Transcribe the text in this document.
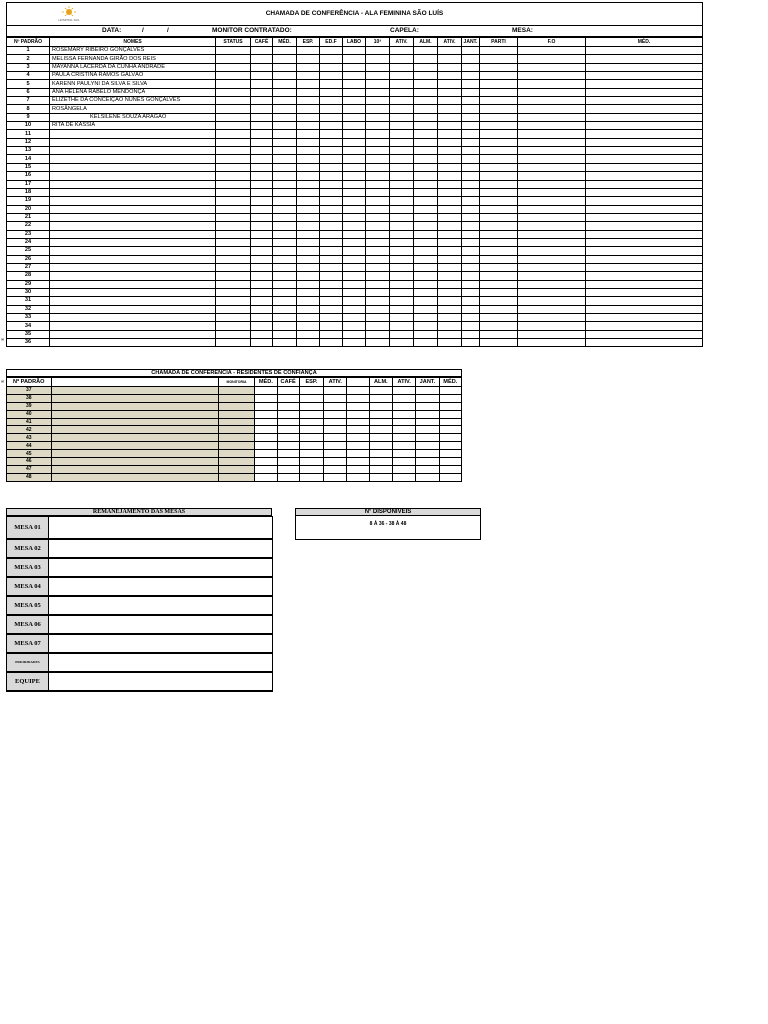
HOSPITAL SOL
CHAMADA DE CONFERÊNCIA - ALA FEMININA SÃO LUÍS
DATA:	/	/	MONITOR CONTRATADO:	CAPELA:	MESA:
Nº PADRÃO	NOMES	STATUS	CAFÉ	MÉD.	ESP.	ED.F	LABO	10ª	ATIV.	ALM.	ATIV.	JANT.	PARTI	F.O	MÉD.
1	ROSEMARY RIBEIRO GONÇALVES														
2	MELISSA FERNANDA GIRÃO DOS REIS														
3	MAYANNA LACERDA DA CUNHA ANDRADE														
4	PAULA CRISTINA RAMOS GALVÃO														
5	KARENN PAULYNI DA SILVA E SILVA														
6	ANA HELENA RABELO MENDONÇA														
7	ELIZETHE DA CONCEIÇÃO NUNES GONÇALVES														
8	ROSÂNGELA														
9	KELSILENE SOUZA ARAGÃO														
10	RITA DE KÁSSIA														
11															
12															
13															
14															
15															
16															
17															
18															
19															
20															
21															
22															
23															
24															
25															
26															
27															
28															
29															
30															
31															
32															
33															
34															
35															
36															
ᵍᵍ
CHAMADA DE CONFERENCIA - RESIDENTES DE CONFIANÇA
Nº PADRÃO		MONITORIA	MÉD.	CAFÉ	ESP.	ATIV.		ALM.	ATIV.	JANT.	MÉD.
37											
38											
39											
40											
41											
42											
43											
44											
45											
46											
47											
48											
ᵍᵍ
REMANEJAMENTO DAS MESAS
MESA 01	
MESA 02	
MESA 03	
MESA 04	
MESA 05	
MESA 06	
MESA 07	
PRIORIDADES	
EQUIPE	
Nº DISPONIVEIS
8 À 36 - 38 À 48
